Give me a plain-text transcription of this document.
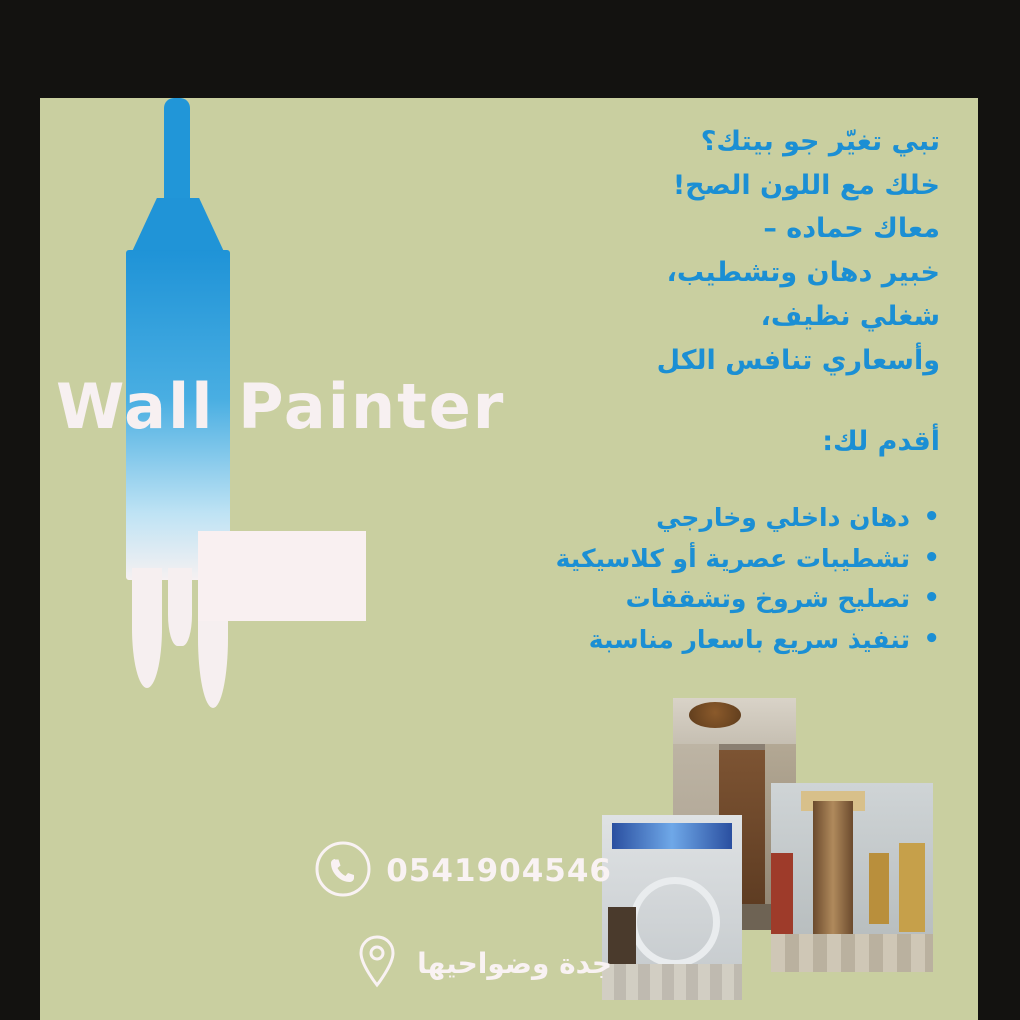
Wall Painter
تبي تغيّر جو بيتك؟
خلك مع اللون الصح!
معاك حماده –
خبير دهان وتشطيب،
شغلي نظيف،
وأسعاري تنافس الكل
أقدم لك:
• دهان داخلي وخارجي
• تشطيبات عصرية أو كلاسيكية
• تصليح شروخ وتشققات
• تنفيذ سريع باسعار مناسبة
0541904546
جدة وضواحيها
